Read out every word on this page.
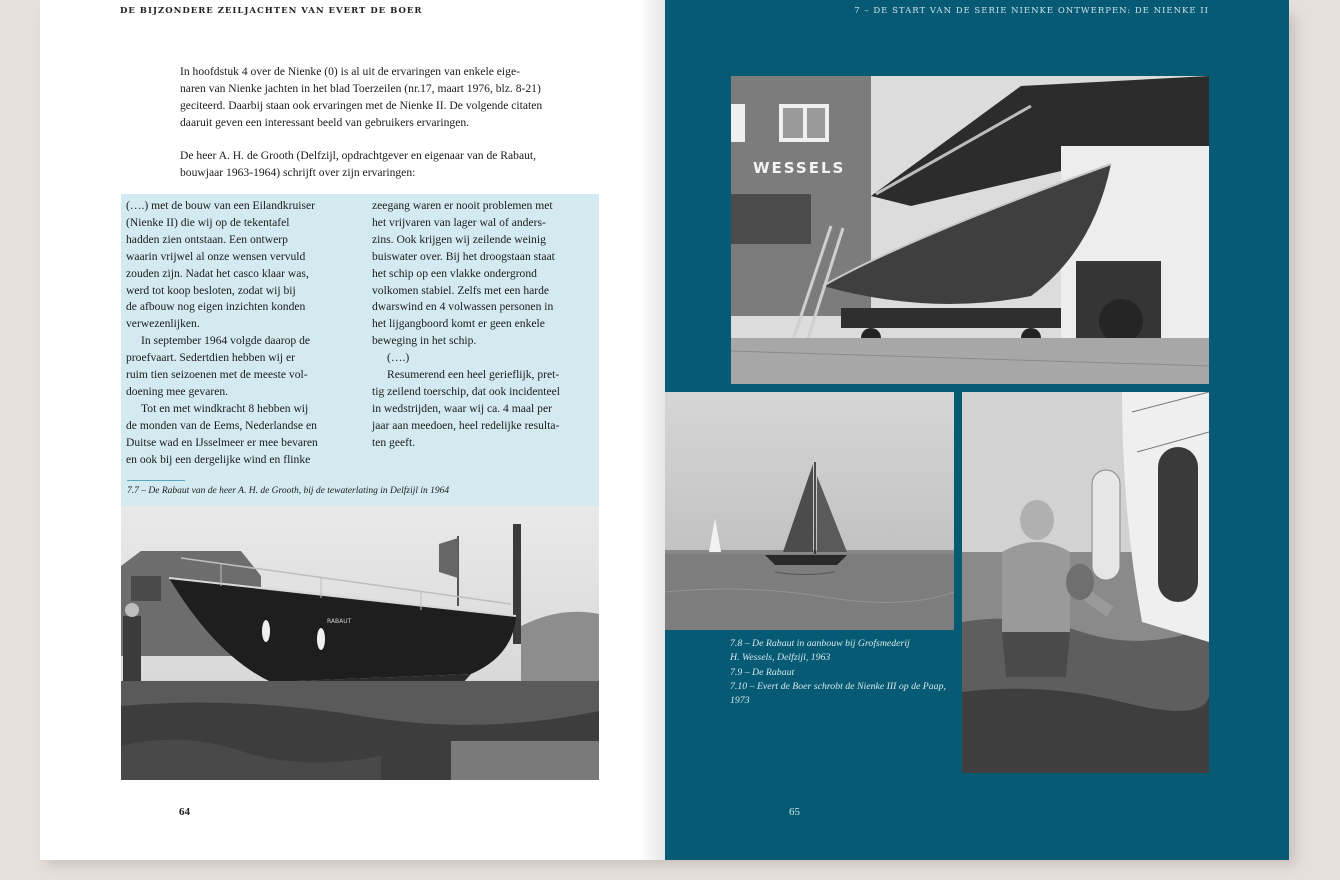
DE BIJZONDERE ZEILJACHTEN VAN EVERT DE BOER

In hoofdstuk 4 over de Nienke (0) is al uit de ervaringen van enkele eige-
naren van Nienke jachten in het blad Toerzeilen (nr.17, maart 1976, blz. 8-21)
geciteerd. Daarbij staan ook ervaringen met de Nienke II. De volgende citaten
daaruit geven een interessant beeld van gebruikers ervaringen.

De heer A. H. de Grooth (Delfzijl, opdrachtgever en eigenaar van de Rabaut,
bouwjaar 1963-1964) schrijft over zijn ervaringen:

(….) met de bouw van een Eilandkruiser
(Nienke II) die wij op de tekentafel
hadden zien ontstaan. Een ontwerp
waarin vrijwel al onze wensen vervuld
zouden zijn. Nadat het casco klaar was,
werd tot koop besloten, zodat wij bij
de afbouw nog eigen inzichten konden
verwezenlijken.

In september 1964 volgde daarop de
proefvaart. Sedertdien hebben wij er
ruim tien seizoenen met de meeste vol-
doening mee gevaren.

Tot en met windkracht 8 hebben wij
de monden van de Eems, Nederlandse en
Duitse wad en IJsselmeer er mee bevaren
en ook bij een dergelijke wind en flinke

zeegang waren er nooit problemen met
het vrijvaren van lager wal of anders-
zins. Ook krijgen wij zeilende weinig
buiswater over. Bij het droogstaan staat
het schip op een vlakke ondergrond
volkomen stabiel. Zelfs met een harde
dwarswind en 4 volwassen personen in
het lijgangboord komt er geen enkele
beweging in het schip.

(….)

Resumerend een heel gerieflijk, pret-
tig zeilend toerschip, dat ook incidenteel
in wedstrijden, waar wij ca. 4 maal per
jaar aan meedoen, heel redelijke resulta-
ten geeft.

7.7 – De Rabaut van de heer A. H. de Grooth, bij de tewaterlating in Delfzijl in 1964
RABAUT
64
7 – DE START VAN DE SERIE NIENKE ONTWERPEN: DE NIENKE II
WESSELS
7.8 – De Rabaut in aanbouw bij Grofsmederij
H. Wessels, Delfzijl, 1963
7.9 – De Rabaut
7.10 – Evert de Boer schrobt de Nienke III op de Paap,
1973
65
